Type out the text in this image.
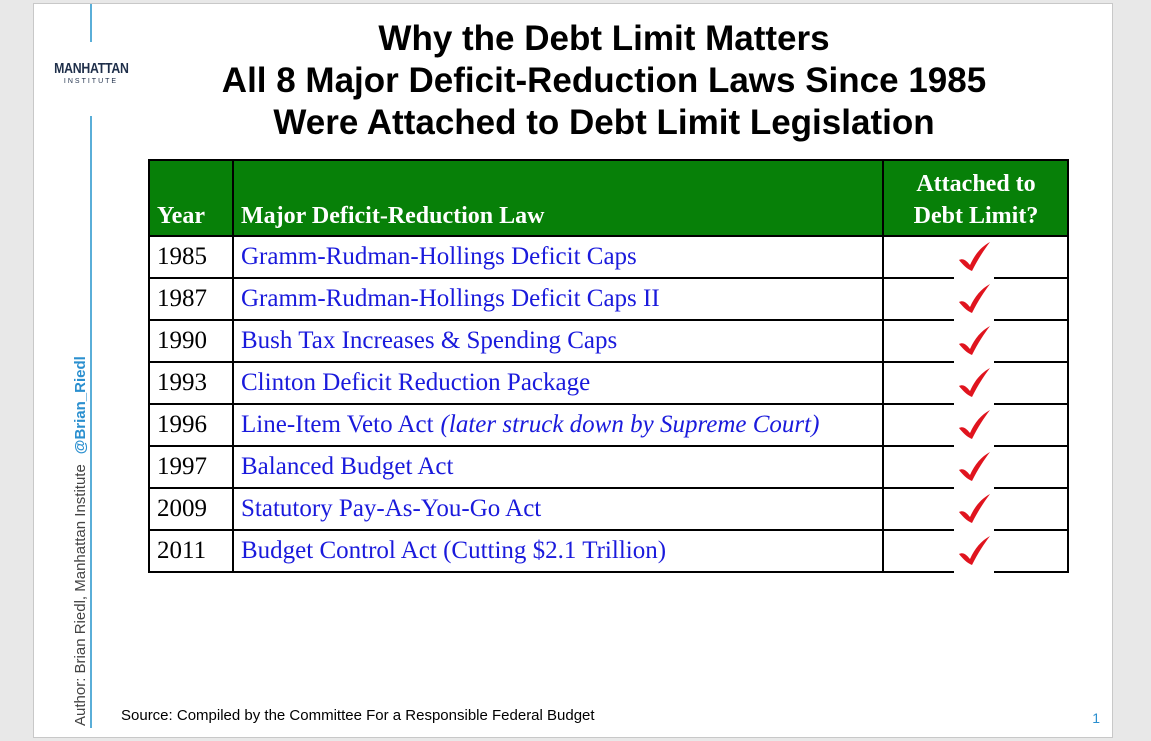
MANHATTAN
INSTITUTE
Author: Brian Riedl, Manhattan Institute@Brian_Riedl
Why the Debt Limit Matters
All 8 Major Deficit-Reduction Laws Since 1985
Were Attached to Debt Limit Legislation
Year	Major Deficit-Reduction Law	Attached to
Debt Limit?
1985	Gramm-Rudman-Hollings Deficit Caps	

1987	Gramm-Rudman-Hollings Deficit Caps II	

1990	Bush Tax Increases & Spending Caps	

1993	Clinton Deficit Reduction Package	

1996	Line-Item Veto Act (later struck down by Supreme Court)	

1997	Balanced Budget Act	

2009	Statutory Pay-As-You-Go Act	

2011	Budget Control Act (Cutting $2.1 Trillion)	
Source: Compiled by the Committee For a Responsible Federal Budget	1
